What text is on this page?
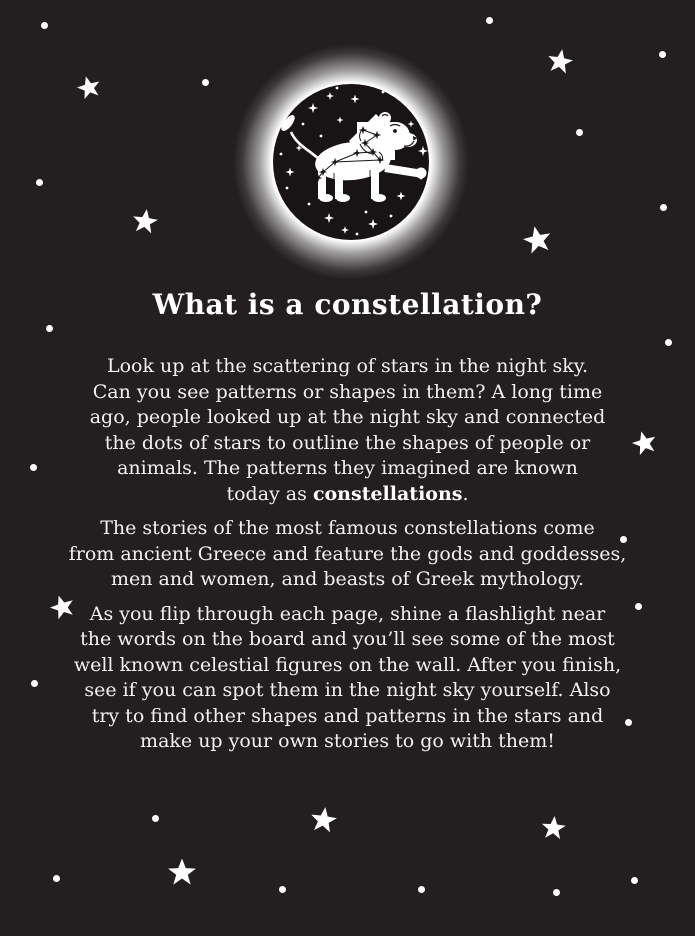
What is a constellation?
Look up at the scattering of stars in the night sky.
Can you see patterns or shapes in them? A long time
ago, people looked up at the night sky and connected
the dots of stars to outline the shapes of people or
animals. The patterns they imagined are known
today as constellations.
The stories of the most famous constellations come
from ancient Greece and feature the gods and goddesses,
men and women, and beasts of Greek mythology.
As you flip through each page, shine a flashlight near
the words on the board and you’ll see some of the most
well known celestial figures on the wall. After you finish,
see if you can spot them in the night sky yourself. Also
try to find other shapes and patterns in the stars and
make up your own stories to go with them!
